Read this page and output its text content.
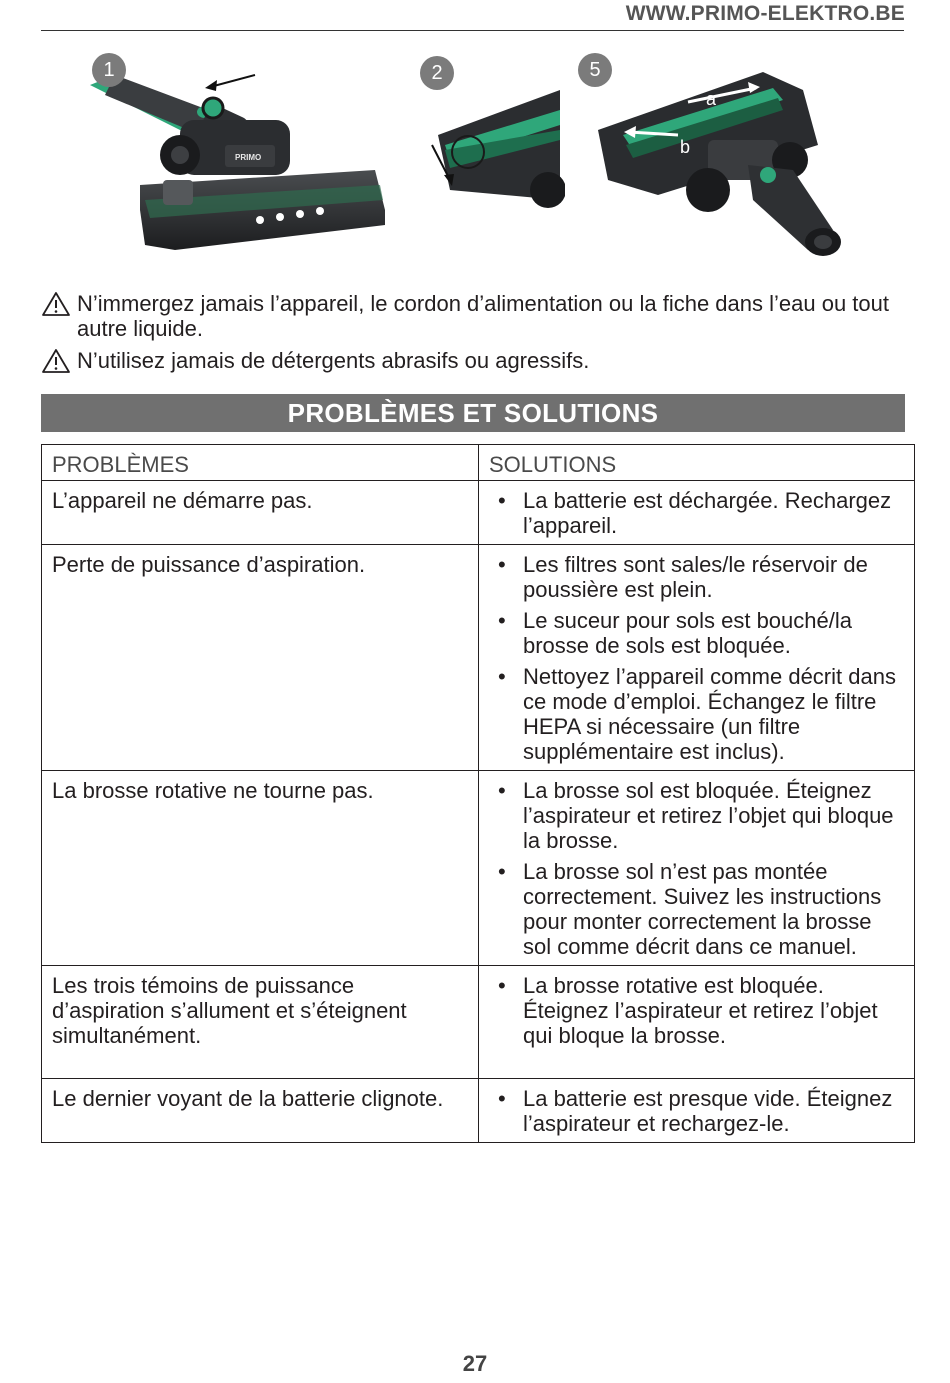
WWW.PRIMO-ELEKTRO.BE
PRIMO
1	2
a
b
5
N’immergez jamais l’appareil, le cordon d’alimentation ou la fiche dans l’eau ou tout autre liquide.
N’utilisez jamais de détergents abrasifs ou agressifs.
PROBLÈMES ET SOLUTIONS
PROBLÈMES	SOLUTIONS
L’appareil ne démarre pas.	• La batterie est déchargée. Rechargez l’appareil.

Perte de puissance d’aspiration.	• Les filtres sont sales/le réservoir de poussière est plein.
• Le suceur pour sols est bouché/la brosse de sols est bloquée.
• Nettoyez l’appareil comme décrit dans ce mode d’emploi. Échangez le filtre HEPA si nécessaire (un filtre supplémentaire est inclus).

La brosse rotative ne tourne pas.	• La brosse sol est bloquée. Éteignez l’aspirateur et retirez l’objet qui bloque la brosse.
• La brosse sol n’est pas montée correctement. Suivez les instructions pour monter correctement la brosse sol comme décrit dans ce manuel.

Les trois témoins de puissance d’aspiration s’allument et s’éteignent simultanément.	• La brosse rotative est bloquée. Éteignez l’aspirateur et retirez l’objet qui bloque la brosse.

Le dernier voyant de la batterie clignote.	• La batterie est presque vide. Éteignez l’aspirateur et rechargez-le.
27
